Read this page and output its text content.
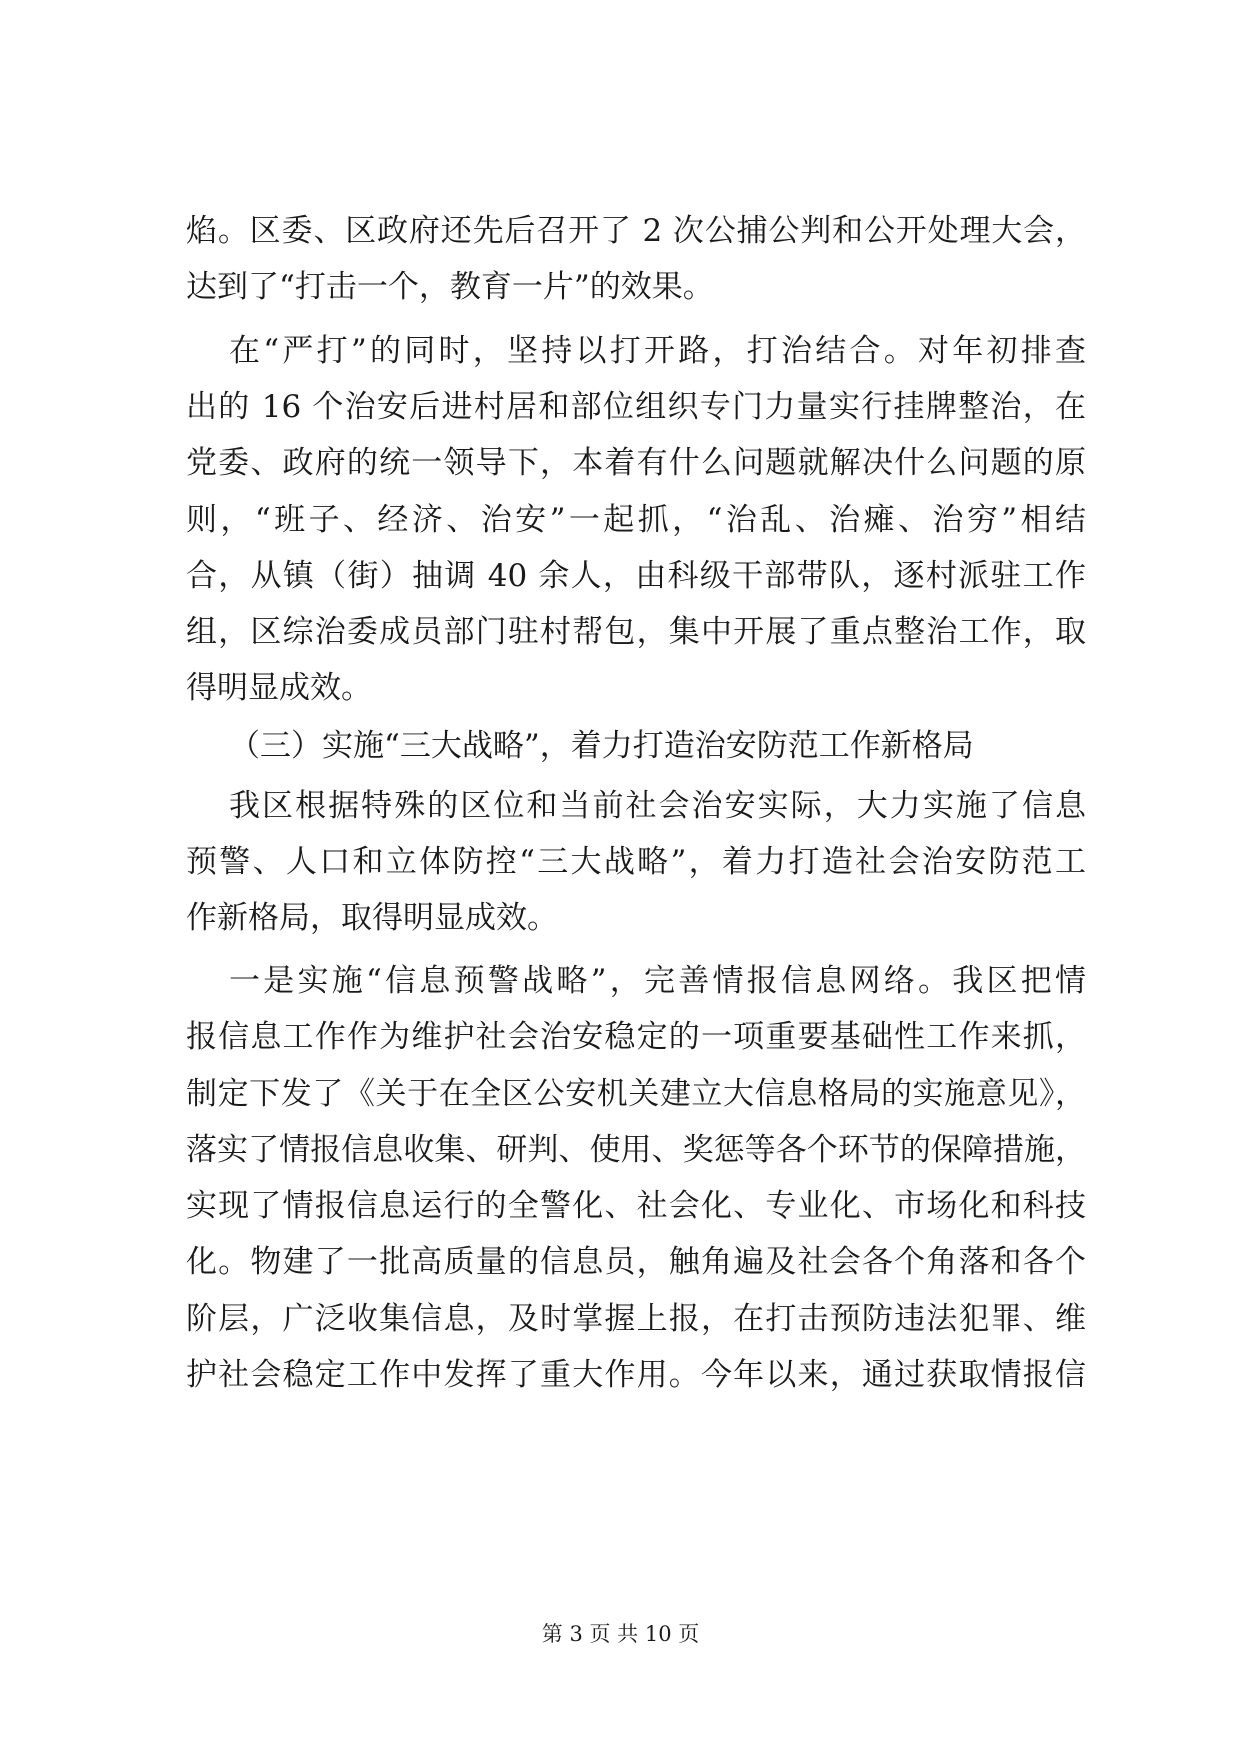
焰。区委、区政府还先后召开了 2 次公捕公判和公开处理大会，
达到了“打击一个，教育一片”的效果。
在“严打”的同时，坚持以打开路，打治结合。对年初排查
出的 16 个治安后进村居和部位组织专门力量实行挂牌整治，在
党委、政府的统一领导下，本着有什么问题就解决什么问题的原
则，“班子、经济、治安”一起抓，“治乱、治瘫、治穷”相结
合，从镇（街）抽调 40 余人，由科级干部带队，逐村派驻工作
组，区综治委成员部门驻村帮包，集中开展了重点整治工作，取
得明显成效。
（三）实施“三大战略”，着力打造治安防范工作新格局
我区根据特殊的区位和当前社会治安实际，大力实施了信息
预警、人口和立体防控“三大战略”，着力打造社会治安防范工
作新格局，取得明显成效。
一是实施“信息预警战略”，完善情报信息网络。我区把情
报信息工作作为维护社会治安稳定的一项重要基础性工作来抓，
制定下发了《关于在全区公安机关建立大信息格局的实施意见》，
落实了情报信息收集、研判、使用、奖惩等各个环节的保障措施，
实现了情报信息运行的全警化、社会化、专业化、市场化和科技
化。物建了一批高质量的信息员，触角遍及社会各个角落和各个
阶层，广泛收集信息，及时掌握上报，在打击预防违法犯罪、维
护社会稳定工作中发挥了重大作用。今年以来，通过获取情报信
第 3 页 共 10 页
